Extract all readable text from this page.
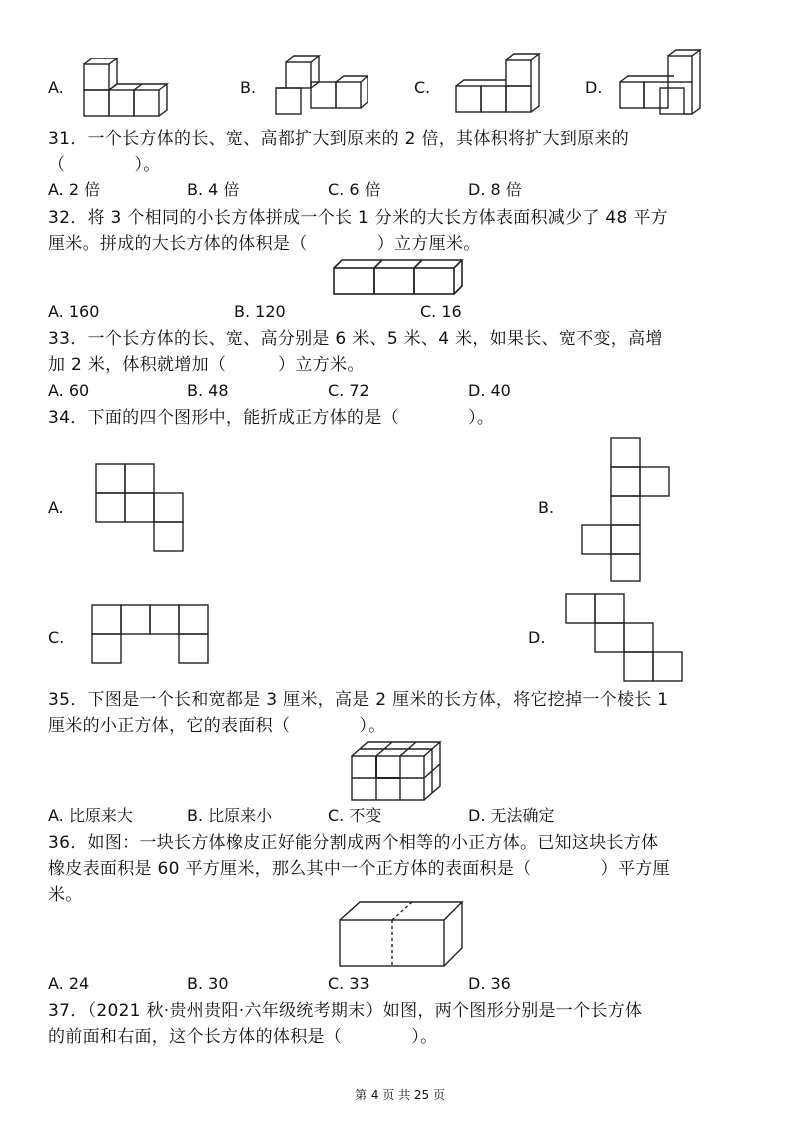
A.	B.	C.	D.
31．一个长方体的长、宽、高都扩大到原来的 2 倍，其体积将扩大到原来的
（　　　　）。
A. 2 倍	B. 4 倍	C. 6 倍	D. 8 倍
32．将 3 个相同的小长方体拼成一个长 1 分米的大长方体表面积减少了 48 平方
厘米。拼成的大长方体的体积是（　　　　）立方厘米。
A. 160	B. 120	C. 16
33．一个长方体的长、宽、高分别是 6 米、5 米、4 米，如果长、宽不变，高增
加 2 米，体积就增加（　　　）立方米。
A. 60	B. 48	C. 72	D. 40
34．下面的四个图形中，能折成正方体的是（　　　　）。
A.	B.
C.	D.
35．下图是一个长和宽都是 3 厘米，高是 2 厘米的长方体，将它挖掉一个棱长 1
厘米的小正方体，它的表面积（　　　　）。
A. 比原来大	B. 比原来小	C. 不变	D. 无法确定
36．如图：一块长方体橡皮正好能分割成两个相等的小正方体。已知这块长方体
橡皮表面积是 60 平方厘米，那么其中一个正方体的表面积是（　　　　）平方厘
米。
A. 24	B. 30	C. 33	D. 36
37．（2021 秋·贵州贵阳·六年级统考期末）如图，两个图形分别是一个长方体
的前面和右面，这个长方体的体积是（　　　　）。
第 4 页 共 25 页
